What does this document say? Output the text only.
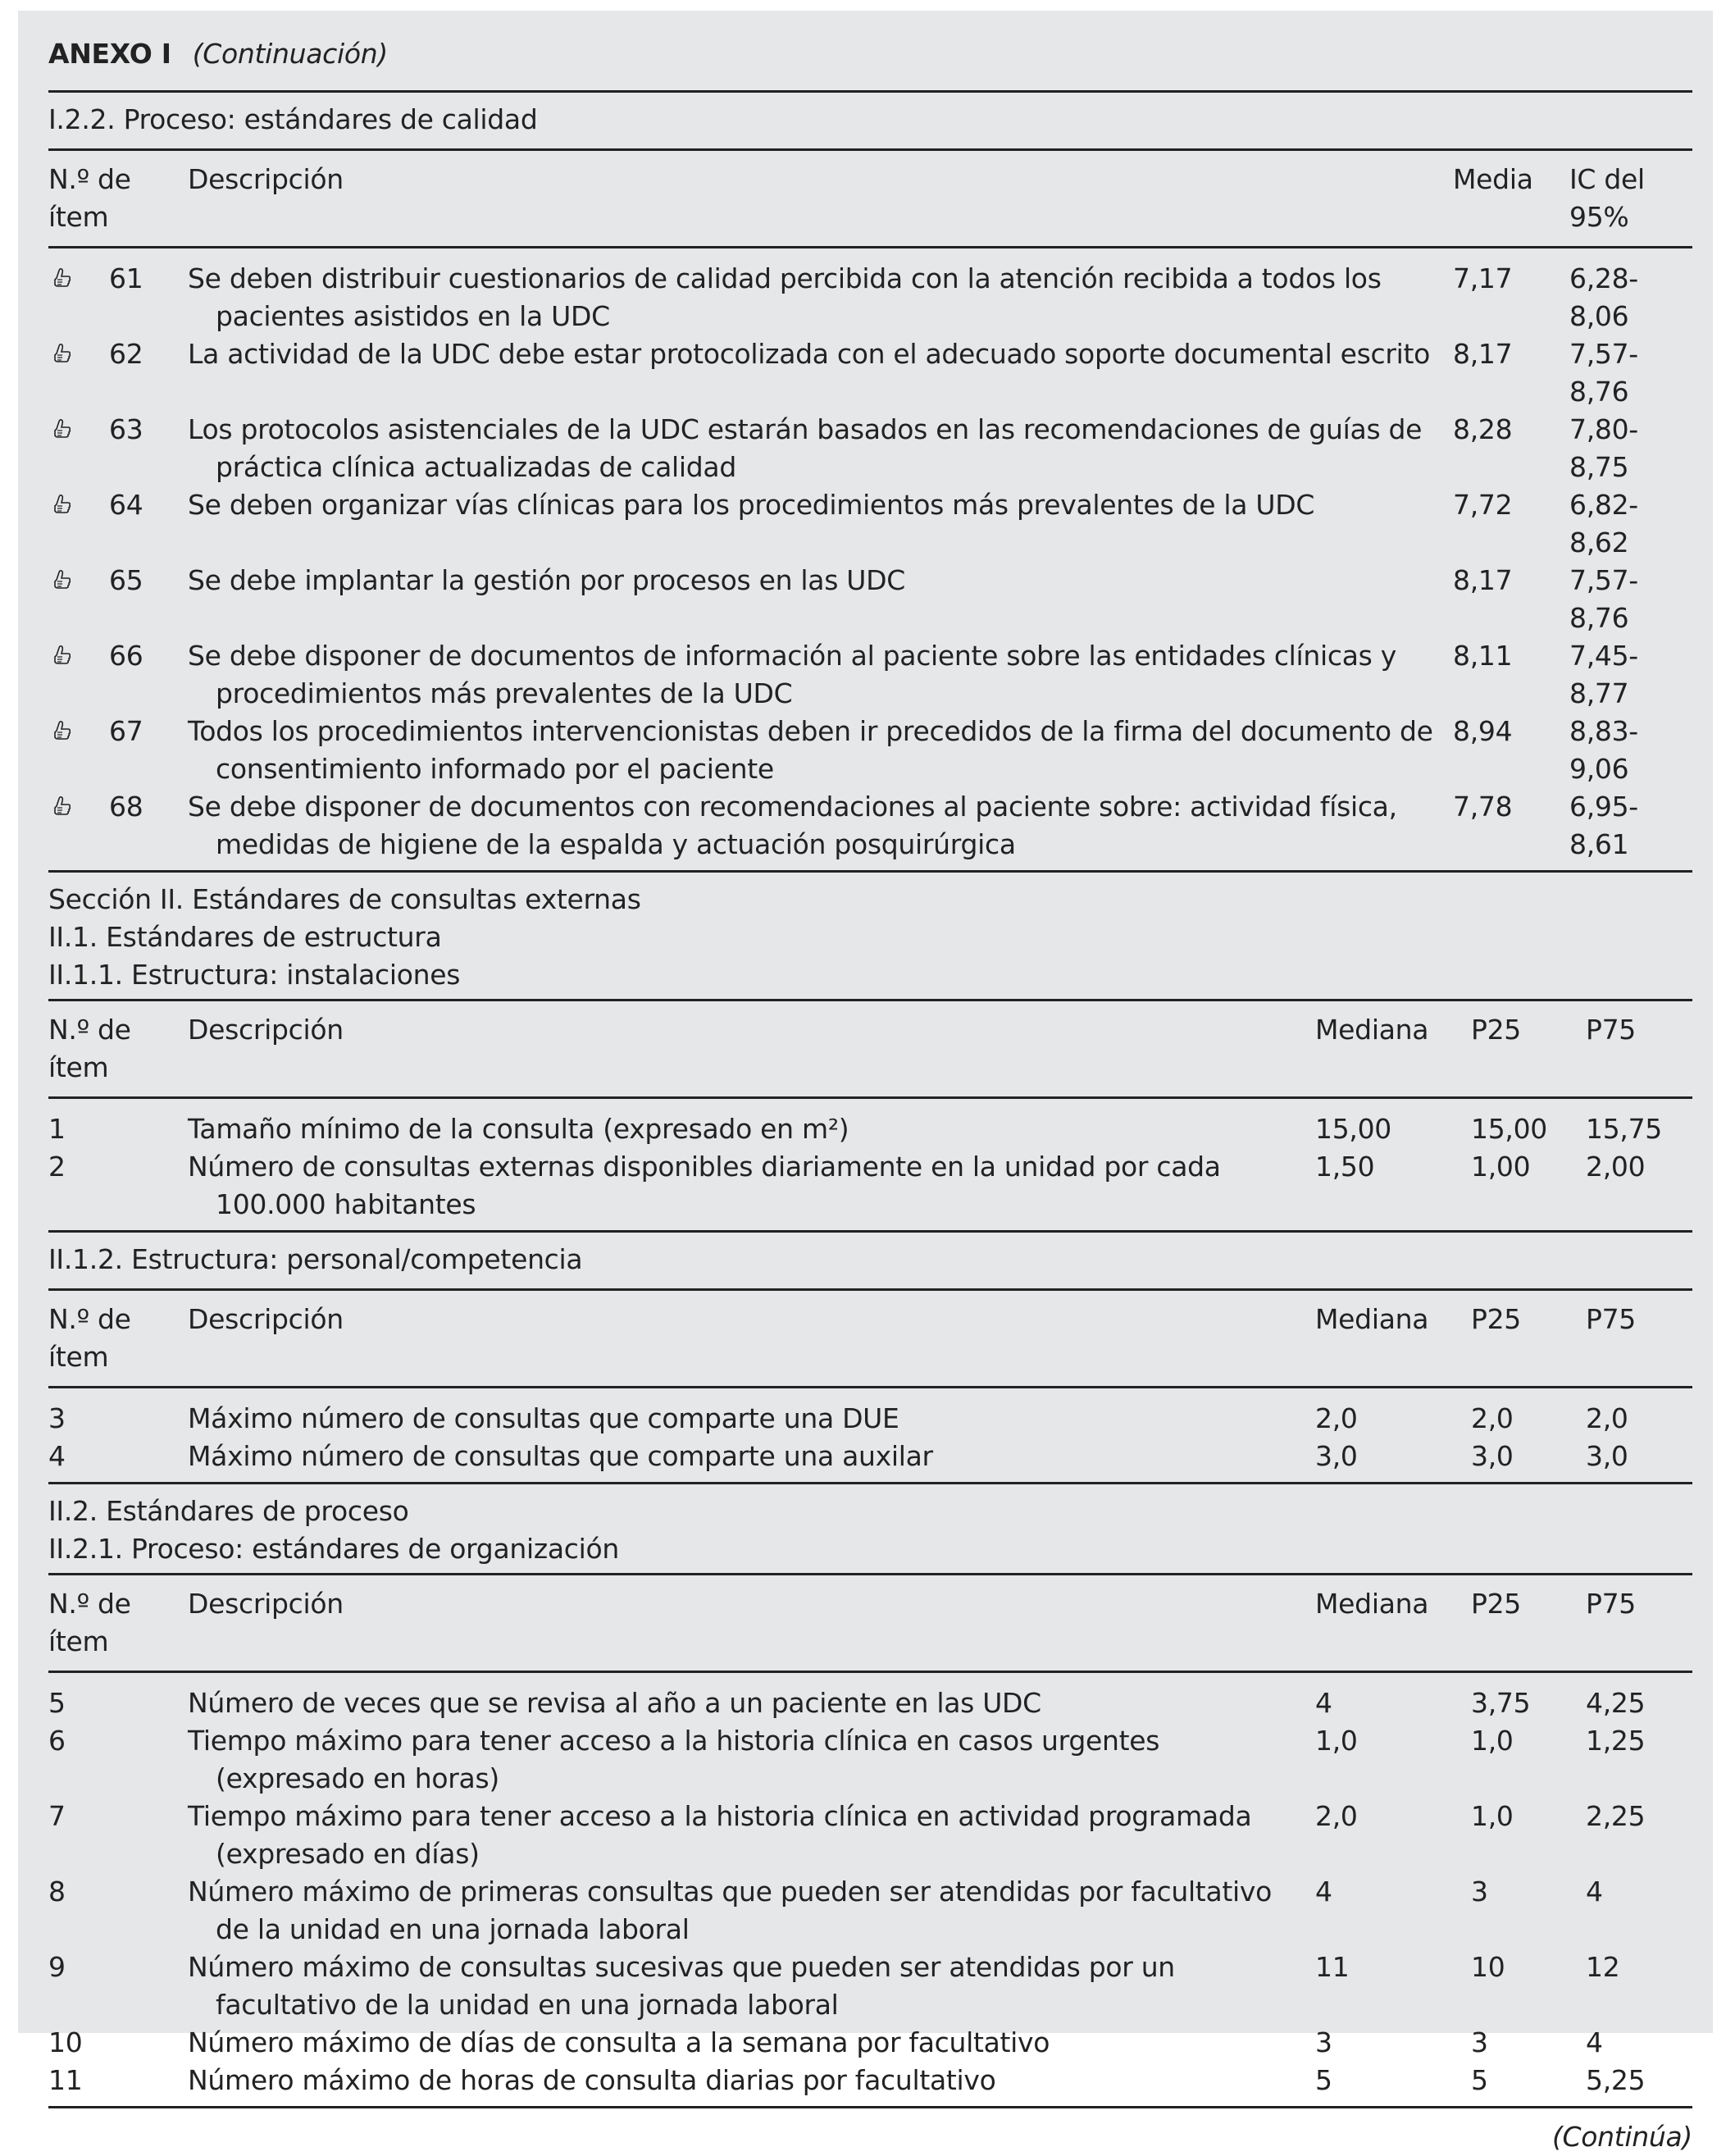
ANEXO I (Continuación)
I.2.2. Proceso: estándares de calidad
N.º de
ítem
Descripción	Media	IC del
95%
61 Se deben distribuir cuestionarios de calidad percibida con la atención recibida a todos los
pacientes asistidos en la UDC
7,17	6,28-8,06
62 La actividad de la UDC debe estar protocolizada con el adecuado soporte documental escrito 8,17	7,57-8,76
63 Los protocolos asistenciales de la UDC estarán basados en las recomendaciones de guías de
práctica clínica actualizadas de calidad
8,28	7,80-8,75
64 Se deben organizar vías clínicas para los procedimientos más prevalentes de la UDC	7,72	6,82-8,62
65 Se debe implantar la gestión por procesos en las UDC	8,17	7,57-8,76
66 Se debe disponer de documentos de información al paciente sobre las entidades clínicas y
procedimientos más prevalentes de la UDC
8,11	7,45-8,77
67 Todos los procedimientos intervencionistas deben ir precedidos de la firma del documento de
consentimiento informado por el paciente
8,94	8,83-9,06
68 Se debe disponer de documentos con recomendaciones al paciente sobre: actividad física,
medidas de higiene de la espalda y actuación posquirúrgica
7,78	6,95-8,61
Sección II. Estándares de consultas externas
II.1. Estándares de estructura
II.1.1. Estructura: instalaciones
N.º de
ítem
Descripción	Mediana	P25	P75
1	Tamaño mínimo de la consulta (expresado en m²)	15,00	15,00	15,75
2	Número de consultas externas disponibles diariamente en la unidad por cada
100.000 habitantes
1,50	1,00	2,00
II.1.2. Estructura: personal/competencia
N.º de
ítem
Descripción	Mediana	P25	P75
3	Máximo número de consultas que comparte una DUE	2,0	2,0	2,0
4	Máximo número de consultas que comparte una auxilar	3,0	3,0	3,0
II.2. Estándares de proceso
II.2.1. Proceso: estándares de organización
N.º de
ítem
Descripción	Mediana	P25	P75
5	Número de veces que se revisa al año a un paciente en las UDC	4	3,75	4,25
6	Tiempo máximo para tener acceso a la historia clínica en casos urgentes
(expresado en horas)
1,0	1,0	1,25
7	Tiempo máximo para tener acceso a la historia clínica en actividad programada
(expresado en días)
2,0	1,0	2,25
8	Número máximo de primeras consultas que pueden ser atendidas por facultativo
de la unidad en una jornada laboral
4	3	4
9	Número máximo de consultas sucesivas que pueden ser atendidas por un
facultativo de la unidad en una jornada laboral
11	10	12
10	Número máximo de días de consulta a la semana por facultativo	3	3	4
11	Número máximo de horas de consulta diarias por facultativo	5	5	5,25
(Continúa)
